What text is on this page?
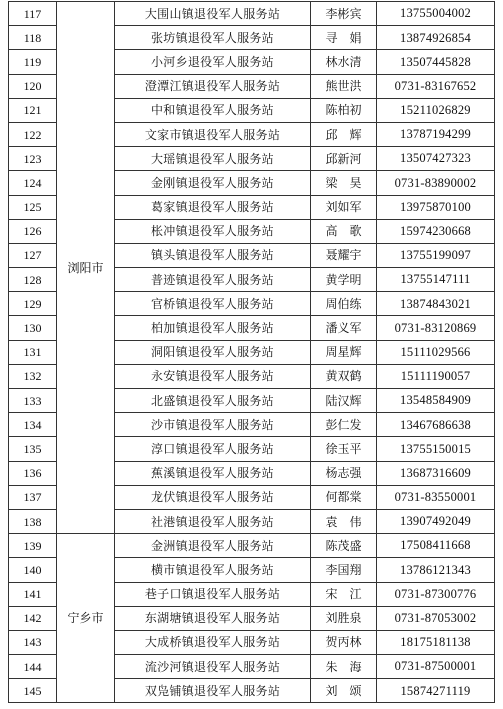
117	浏阳市	大围山镇退役军人服务站	李彬宾	13755004002
118		张坊镇退役军人服务站	寻　娟	13874926854
119		小河乡退役军人服务站	林水清	13507445828
120		澄潭江镇退役军人服务站	熊世洪	0731-83167652
121		中和镇退役军人服务站	陈柏初	15211026829
122		文家市镇退役军人服务站	邱　辉	13787194299
123		大瑶镇退役军人服务站	邱新河	13507427323
124		金刚镇退役军人服务站	梁　昊	0731-83890002
125		葛家镇退役军人服务站	刘如军	13975870100
126		枨冲镇退役军人服务站	高　歌	15974230668
127		镇头镇退役军人服务站	聂耀宇	13755199097
128		普迹镇退役军人服务站	黄学明	13755147111
129		官桥镇退役军人服务站	周伯练	13874843021
130		柏加镇退役军人服务站	潘义军	0731-83120869
131		洞阳镇退役军人服务站	周星辉	15111029566
132		永安镇退役军人服务站	黄双鹤	15111190057
133		北盛镇退役军人服务站	陆汉辉	13548584909
134		沙市镇退役军人服务站	彭仁发	13467686638
135		淳口镇退役军人服务站	徐玉平	13755150015
136		蕉溪镇退役军人服务站	杨志强	13687316609
137		龙伏镇退役军人服务站	何都棠	0731-83550001
138		社港镇退役军人服务站	袁　伟	13907492049
139	宁乡市	金洲镇退役军人服务站	陈茂盛	17508411668
140		横市镇退役军人服务站	李国翔	13786121343
141		巷子口镇退役军人服务站	宋　江	0731-87300776
142		东湖塘镇退役军人服务站	刘胜泉	0731-87053002
143		大成桥镇退役军人服务站	贺丙林	18175181138
144		流沙河镇退役军人服务站	朱　海	0731-87500001
145		双凫铺镇退役军人服务站	刘　颂	15874271119
